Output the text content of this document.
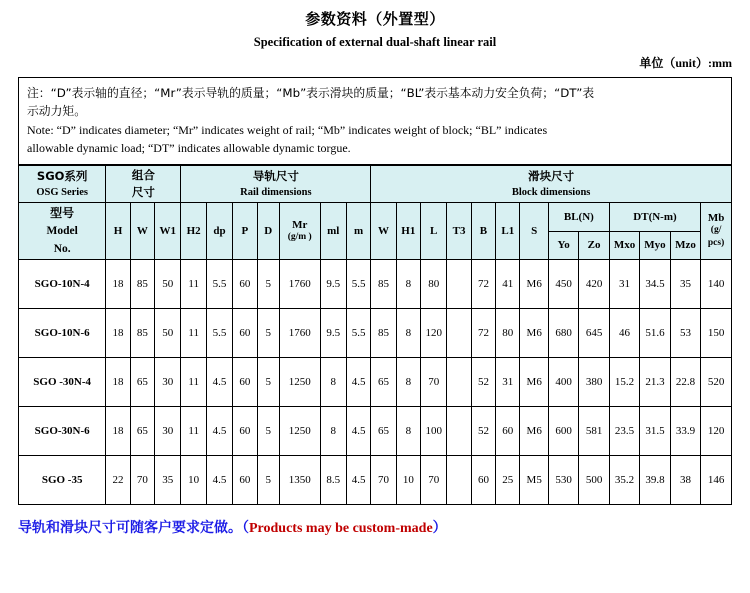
参数资料（外置型）
Specification of external dual-shaft linear rail
单位（unit）:mm
注：“D”表示轴的直径；“Mr”表示导轨的质量；“Mb”表示滑块的质量；“BL”表示基本动力安全负荷；“DT”表
示动力矩。
Note: “D” indicates diameter; “Mr” indicates weight of rail; “Mb” indicates weight of block; “BL” indicates
allowable dynamic load; “DT” indicates allowable dynamic torgue.
SGO系列
OSG Series	组合
尺寸			导轨尺寸
Rail dimensions							滑块尺寸
Block dimensions												

型号
Model
No.	H	W	W1	H2	dp	P	D	Mr
(g/m )	ml	m	W	H1	L	T3	B	L1	S	BL(N)		DT(N-m)			Mb
(g/ pcs)

																		Yo	Zo	Mxo	Myo	Mzo	
SGO-10N-4	18	85	50	11	5.5	60	5	1760	9.5	5.5	85	8	80		72	41	M6	450	420	31	34.5	35	140
SGO-10N-6	18	85	50	11	5.5	60	5	1760	9.5	5.5	85	8	120		72	80	M6	680	645	46	51.6	53	150
SGO -30N-4	18	65	30	11	4.5	60	5	1250	8	4.5	65	8	70		52	31	M6	400	380	15.2	21.3	22.8	520
SGO-30N-6	18	65	30	11	4.5	60	5	1250	8	4.5	65	8	100		52	60	M6	600	581	23.5	31.5	33.9	120
SGO -35	22	70	35	10	4.5	60	5	1350	8.5	4.5	70	10	70		60	25	M5	530	500	35.2	39.8	38	146
导轨和滑块尺寸可随客户要求定做。（Products may be custom-made）
